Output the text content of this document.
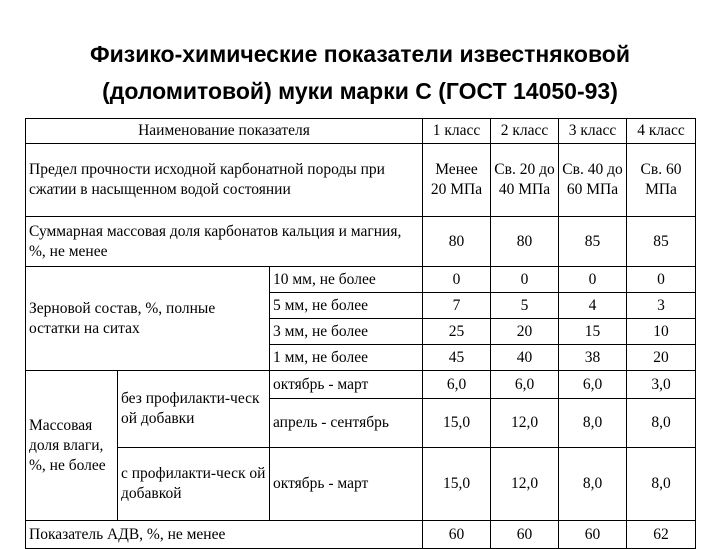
Физико-химические показатели известняковой
(доломитовой) муки марки С (ГОСТ 14050-93)
Наименование показателя			1 класс	2 класс	3 класс	4 класс
Предел прочности исходной карбонатной породы при сжатии в насыщенном водой состоянии			Менее 20 МПа	Св. 20 до 40 МПа	Св. 40 до 60 МПа	Св. 60 МПа
Суммарная массовая доля карбонатов кальция и магния, %, не менее			80	80	85	85
Зерновой состав, %, полные остатки на ситах		10 мм, не более	0	0	0	0
		5 мм, не более	7	5	4	3
		3 мм, не более	25	20	15	10
		1 мм, не более	45	40	38	20
Массовая доля влаги, %, не более	без профилакти-ческ ой добавки	октябрь - март	6,0	6,0	6,0	3,0
		апрель - сентябрь	15,0	12,0	8,0	8,0
	с профилакти-ческ ой добавкой	октябрь - март	15,0	12,0	8,0	8,0
Показатель АДВ, %, не менее			60	60	60	62
